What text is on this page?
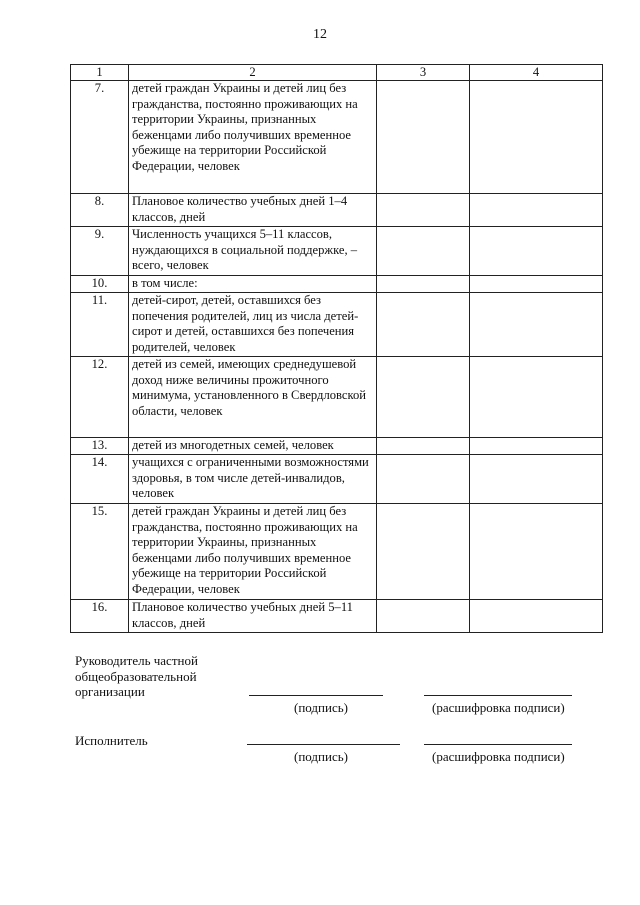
12
1	2	3	4
7.	детей граждан Украины и детей лиц без гражданства, постоянно проживающих на территории Украины, признанных беженцами либо получивших временное убежище на территории Российской Федерации, человек		
8.	Плановое количество учебных дней 1–4 классов, дней		
9.	Численность учащихся 5–11 классов, нуждающихся в социальной поддержке, – всего, человек		
10.	в том числе:		
11.	детей-сирот, детей, оставшихся без попечения родителей, лиц из числа детей-сирот и детей, оставшихся без попечения родителей, человек		
12.	детей из семей, имеющих среднедушевой доход ниже величины прожиточного минимума, установленного в Свердловской области, человек		
13.	детей из многодетных семей, человек		
14.	учащихся с ограниченными возможностями здоровья, в том числе детей-инвалидов, человек		
15.	детей граждан Украины и детей лиц без гражданства, постоянно проживающих на территории Украины, признанных беженцами либо получивших временное убежище на территории Российской Федерации, человек		
16.	Плановое количество учебных дней 5–11 классов, дней		
Руководитель частной общеобразовательной организации
(подпись)	(расшифровка подписи)
Исполнитель
(подпись)	(расшифровка подписи)
